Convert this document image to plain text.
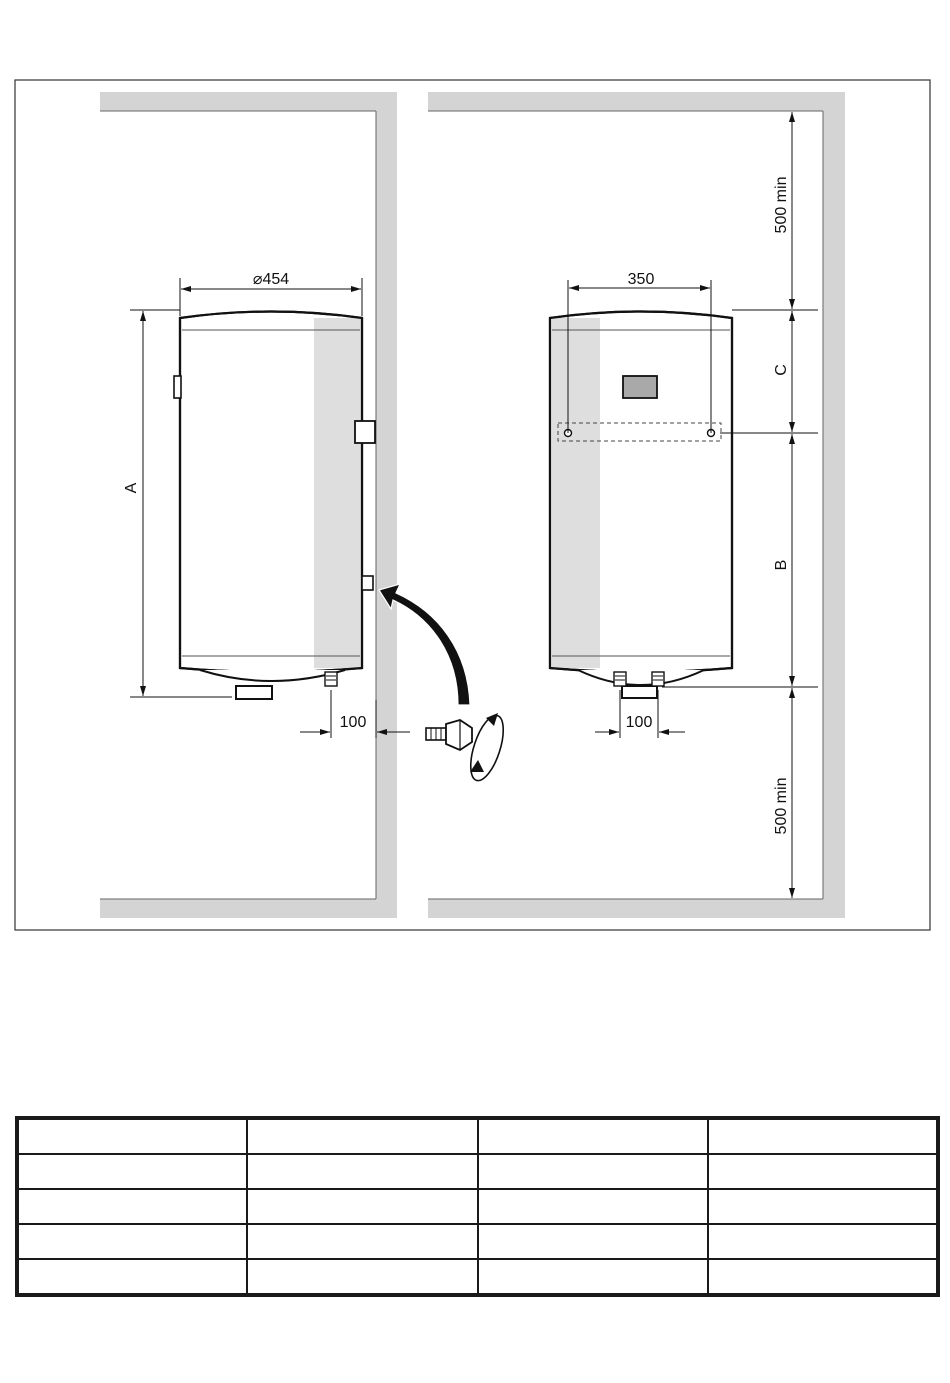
⌀454
A
100
350
500 min
C
B
500 min
100
